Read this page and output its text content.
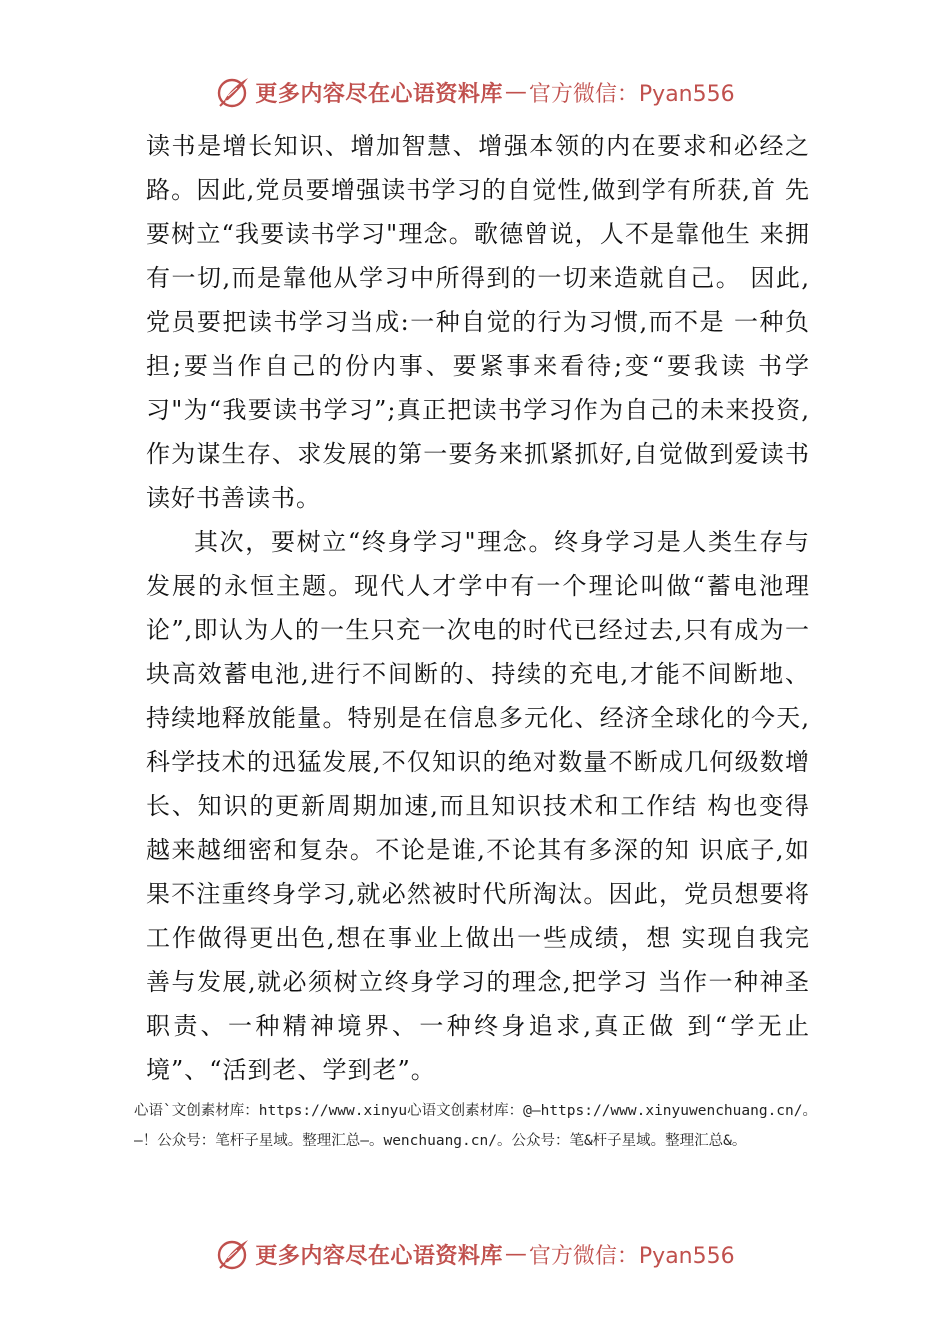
更多内容尽在心语资料库 — 官方微信：Pyan556

读书是增长知识、增加智慧、增强本领的内在要求和必经之路。因此,党员要增强读书学习的自觉性,做到学有所获,首 先要树立“我要读书学习"理念。歌德曾说，人不是靠他生 来拥有一切,而是靠他从学习中所得到的一切来造就自己。 因此,党员要把读书学习当成:一种自觉的行为习惯,而不是 一种负担;要当作自己的份内事、要紧事来看待;变“要我读 书学习"为“我要读书学习”;真正把读书学习作为自己的未来投资,作为谋生存、求发展的第一要务来抓紧抓好,自觉做到爱读书读好书善读书。

其次，要树立“终身学习"理念。终身学习是人类生存与发展的永恒主题。现代人才学中有一个理论叫做“蓄电池理论”,即认为人的一生只充一次电的时代已经过去,只有成为一块高效蓄电池,进行不间断的、持续的充电,才能不间断地、持续地释放能量。特别是在信息多元化、经济全球化的今天,科学技术的迅猛发展,不仅知识的绝对数量不断成几何级数增长、知识的更新周期加速,而且知识技术和工作结 构也变得越来越细密和复杂。不论是谁,不论其有多深的知 识底子,如果不注重终身学习,就必然被时代所淘汰。因此，党员想要将工作做得更出色,想在事业上做出一些成绩，想 实现自我完善与发展,就必须树立终身学习的理念,把学习 当作一种神圣职责、一种精神境界、一种终身追求,真正做 到“学无止境”、“活到老、学到老”。

心语`文创素材库：https://www.xinyu心语文创素材库：@—https://www.xinyuwenchuang.cn/。—！公众号：笔杆子星域。整理汇总—。wenchuang.cn/。公众号：笔&杆子星域。整理汇总&。
更多内容尽在心语资料库 — 官方微信：Pyan556
